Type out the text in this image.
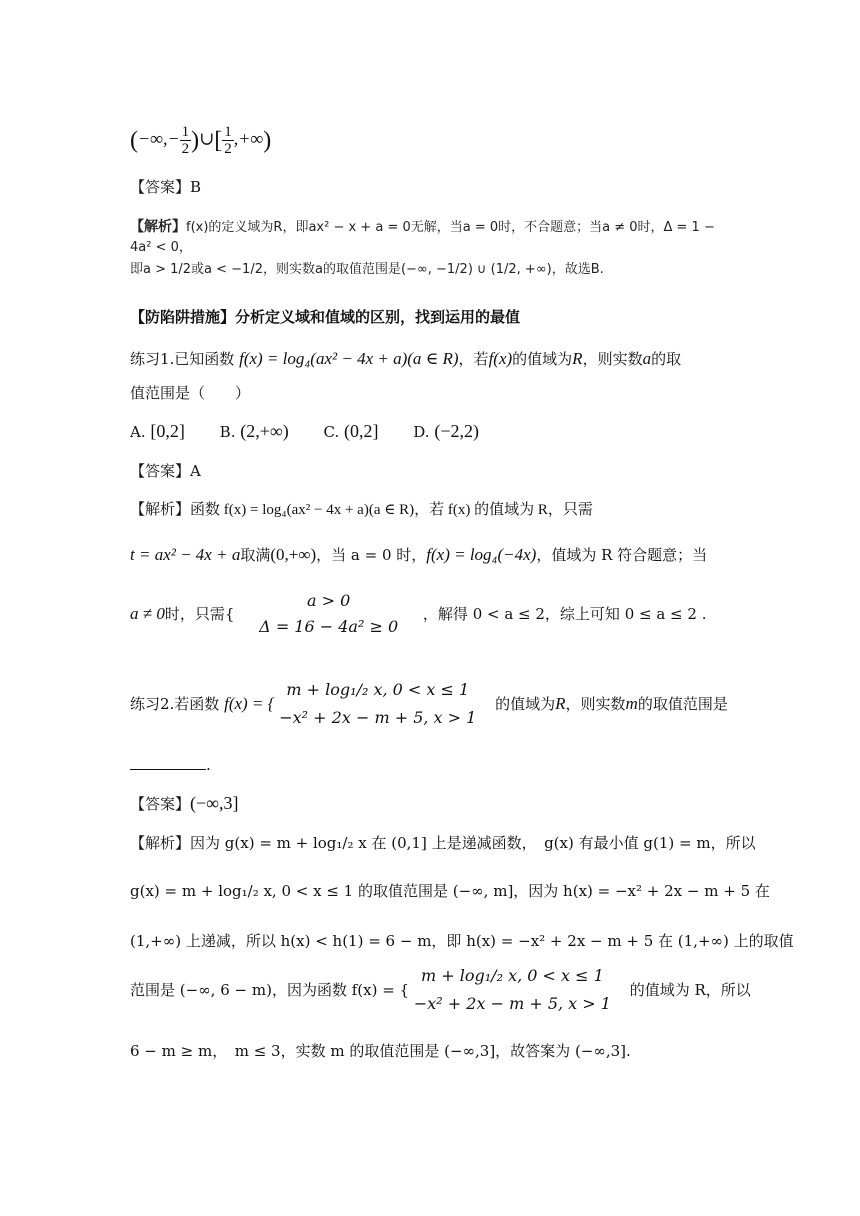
(−∞,− $\frac{1}{2}$ )∪[ $\frac{1}{2}$ ,+∞)
【答案】B
【解析】f(x)的定义域为R，即ax² − x + a = 0无解，当a = 0时，不合题意；当a ≠ 0时，Δ = 1 − 4a² < 0，
即a > 1/2或a < −1/2，则实数a的取值范围是(−∞, −1/2) ∪ (1/2, +∞)，故选B.
【防陷阱措施】分析定义域和值域的区别，找到运用的最值
练习1.已知函数 f(x) = log₄(ax² − 4x + a)(a ∈ R)，若f(x)的值域为R，则实数a的取
值范围是（　　）
A. [0,2] B. (2,+∞) C. (0,2] D. (−2,2)
【答案】A
【解析】函数 f(x) = log₄(ax² − 4x + a)(a ∈ R)，若 f(x) 的值域为 R，只需
t = ax² − 4x + a取满(0,+∞)，当 a = 0 时，f(x) = log₄(−4x)，值域为 R 符合题意；当
a ≠ 0时，只需{
a > 0
Δ = 16 − 4a² ≥ 0
，解得 0 < a ≤ 2，综上可知 0 ≤ a ≤ 2 .
练习2.若函数 f(x) = {
m + log₁/₂ x, 0 < x ≤ 1
−x² + 2x − m + 5, x > 1
的值域为R，则实数m的取值范围是
.
【答案】(−∞,3]
【解析】因为 g(x) = m + log₁/₂ x 在 (0,1] 上是递减函数，　g(x) 有最小值 g(1) = m，所以
g(x) = m + log₁/₂ x, 0 < x ≤ 1 的取值范围是 (−∞, m]，因为 h(x) = −x² + 2x − m + 5 在
(1,+∞) 上递减，所以 h(x) < h(1) = 6 − m，即 h(x) = −x² + 2x − m + 5 在 (1,+∞) 上的取值
范围是 (−∞, 6 − m)，因为函数 f(x) = {
m + log₁/₂ x, 0 < x ≤ 1
−x² + 2x − m + 5, x > 1
的值域为 R，所以
6 − m ≥ m，　m ≤ 3，实数 m 的取值范围是 (−∞,3]，故答案为 (−∞,3].
